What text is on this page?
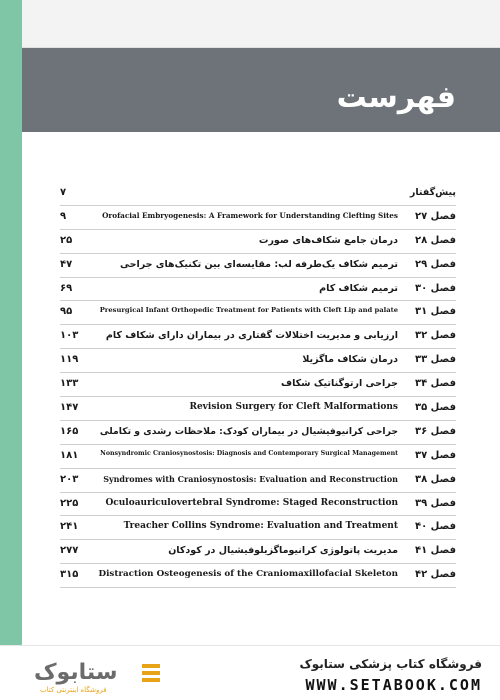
فهرست
۷	پیش‌گفتار
۹	Orofacial Embryogenesis: A Framework for Understanding Clefting Sites فصل ۲۷
۲۵	درمان جامع شکاف‌های صورت فصل ۲۸
۴۷	ترمیم شکاف یک‌طرفه لب: مقایسه‌ای بین تکنیک‌های جراحی فصل ۲۹
۶۹	ترمیم شکاف کام فصل ۳۰
۹۵	Presurgical Infant Orthopedic Treatment for Patients with Cleft Lip and palate فصل ۳۱
۱۰۳	ارزیابی و مدیریت اختلالات گفتاری در بیماران دارای شکاف کام فصل ۳۲
۱۱۹	درمان شکاف ماگزیلا فصل ۳۳
۱۳۳	جراحی ارتوگناتیک شکاف فصل ۳۴
۱۴۷	Revision Surgery for Cleft Malformations فصل ۳۵
۱۶۵ جراحی کرانیوفیشیال در بیماران کودک: ملاحظات رشدی و تکاملی فصل ۳۶
۱۸۱	Nonsyndromic Craniosynostosis: Diagnosis and Contemporary Surgical Management فصل ۳۷
۲۰۳	Syndromes with Craniosynostosis: Evaluation and Reconstruction فصل ۳۸
۲۲۵	Oculoauriculovertebral Syndrome: Staged Reconstruction فصل ۳۹
۲۴۱	Treacher Collins Syndrome: Evaluation and Treatment فصل ۴۰
۲۷۷	مدیریت پاتولوژی کرانیوماگزیلوفیشیال در کودکان فصل ۴۱
۳۱۵ Distraction Osteogenesis of the Craniomaxillofacial Skeleton فصل ۴۲
ستابوک
فروشگاه اینترنتی کتاب
فروشگاه کتاب پزشکی ستابوک
WWW.SETABOOK.COM
